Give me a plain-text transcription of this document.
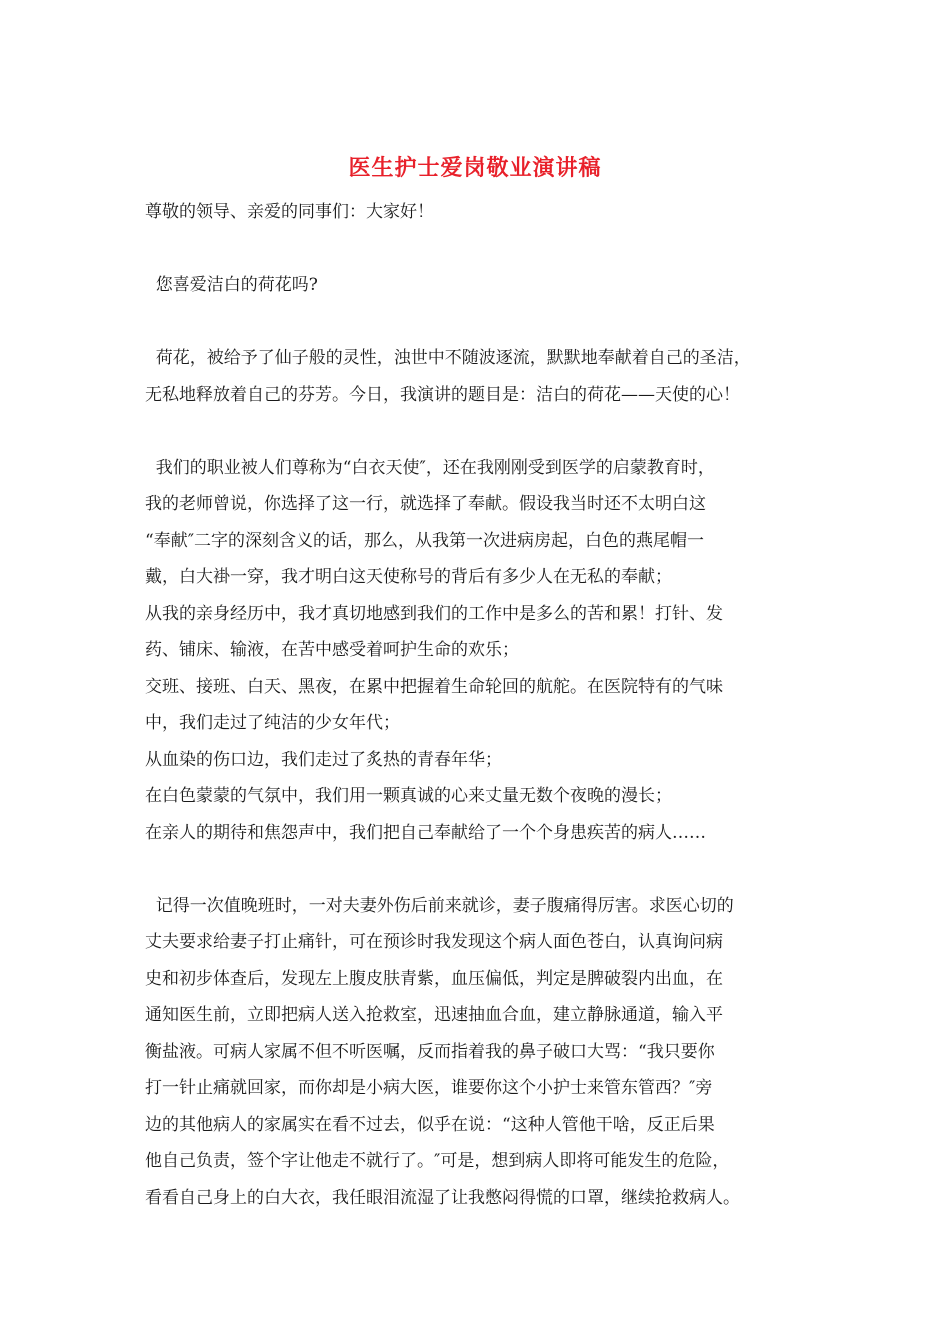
医生护士爱岗敬业演讲稿

尊敬的领导、亲爱的同事们：大家好！

您喜爱洁白的荷花吗?

荷花，被给予了仙子般的灵性，浊世中不随波逐流，默默地奉献着自己的圣洁，

无私地释放着自己的芬芳。今日，我演讲的题目是：洁白的荷花——天使的心！

我们的职业被人们尊称为“白衣天使″，还在我刚刚受到医学的启蒙教育时，

我的老师曾说，你选择了这一行，就选择了奉献。假设我当时还不太明白这

“奉献″二字的深刻含义的话，那么，从我第一次进病房起，白色的燕尾帽一

戴，白大褂一穿，我才明白这天使称号的背后有多少人在无私的奉献；

从我的亲身经历中，我才真切地感到我们的工作中是多么的苦和累！打针、发

药、铺床、输液，在苦中感受着呵护生命的欢乐；

交班、接班、白天、黑夜，在累中把握着生命轮回的航舵。在医院特有的气味

中，我们走过了纯洁的少女年代；

从血染的伤口边，我们走过了炙热的青春年华；

在白色蒙蒙的气氛中，我们用一颗真诚的心来丈量无数个夜晚的漫长；

在亲人的期待和焦怨声中，我们把自己奉献给了一个个身患疾苦的病人……

记得一次值晚班时，一对夫妻外伤后前来就诊，妻子腹痛得厉害。求医心切的

丈夫要求给妻子打止痛针，可在预诊时我发现这个病人面色苍白，认真询问病

史和初步体查后，发现左上腹皮肤青紫，血压偏低，判定是脾破裂内出血，在

通知医生前，立即把病人送入抢救室，迅速抽血合血，建立静脉通道，输入平

衡盐液。可病人家属不但不听医嘱，反而指着我的鼻子破口大骂：“我只要你

打一针止痛就回家，而你却是小病大医，谁要你这个小护士来管东管西？″旁

边的其他病人的家属实在看不过去，似乎在说：“这种人管他干啥，反正后果

他自己负责，签个字让他走不就行了。″可是，想到病人即将可能发生的危险，

看看自己身上的白大衣，我任眼泪流湿了让我憋闷得慌的口罩，继续抢救病人。
